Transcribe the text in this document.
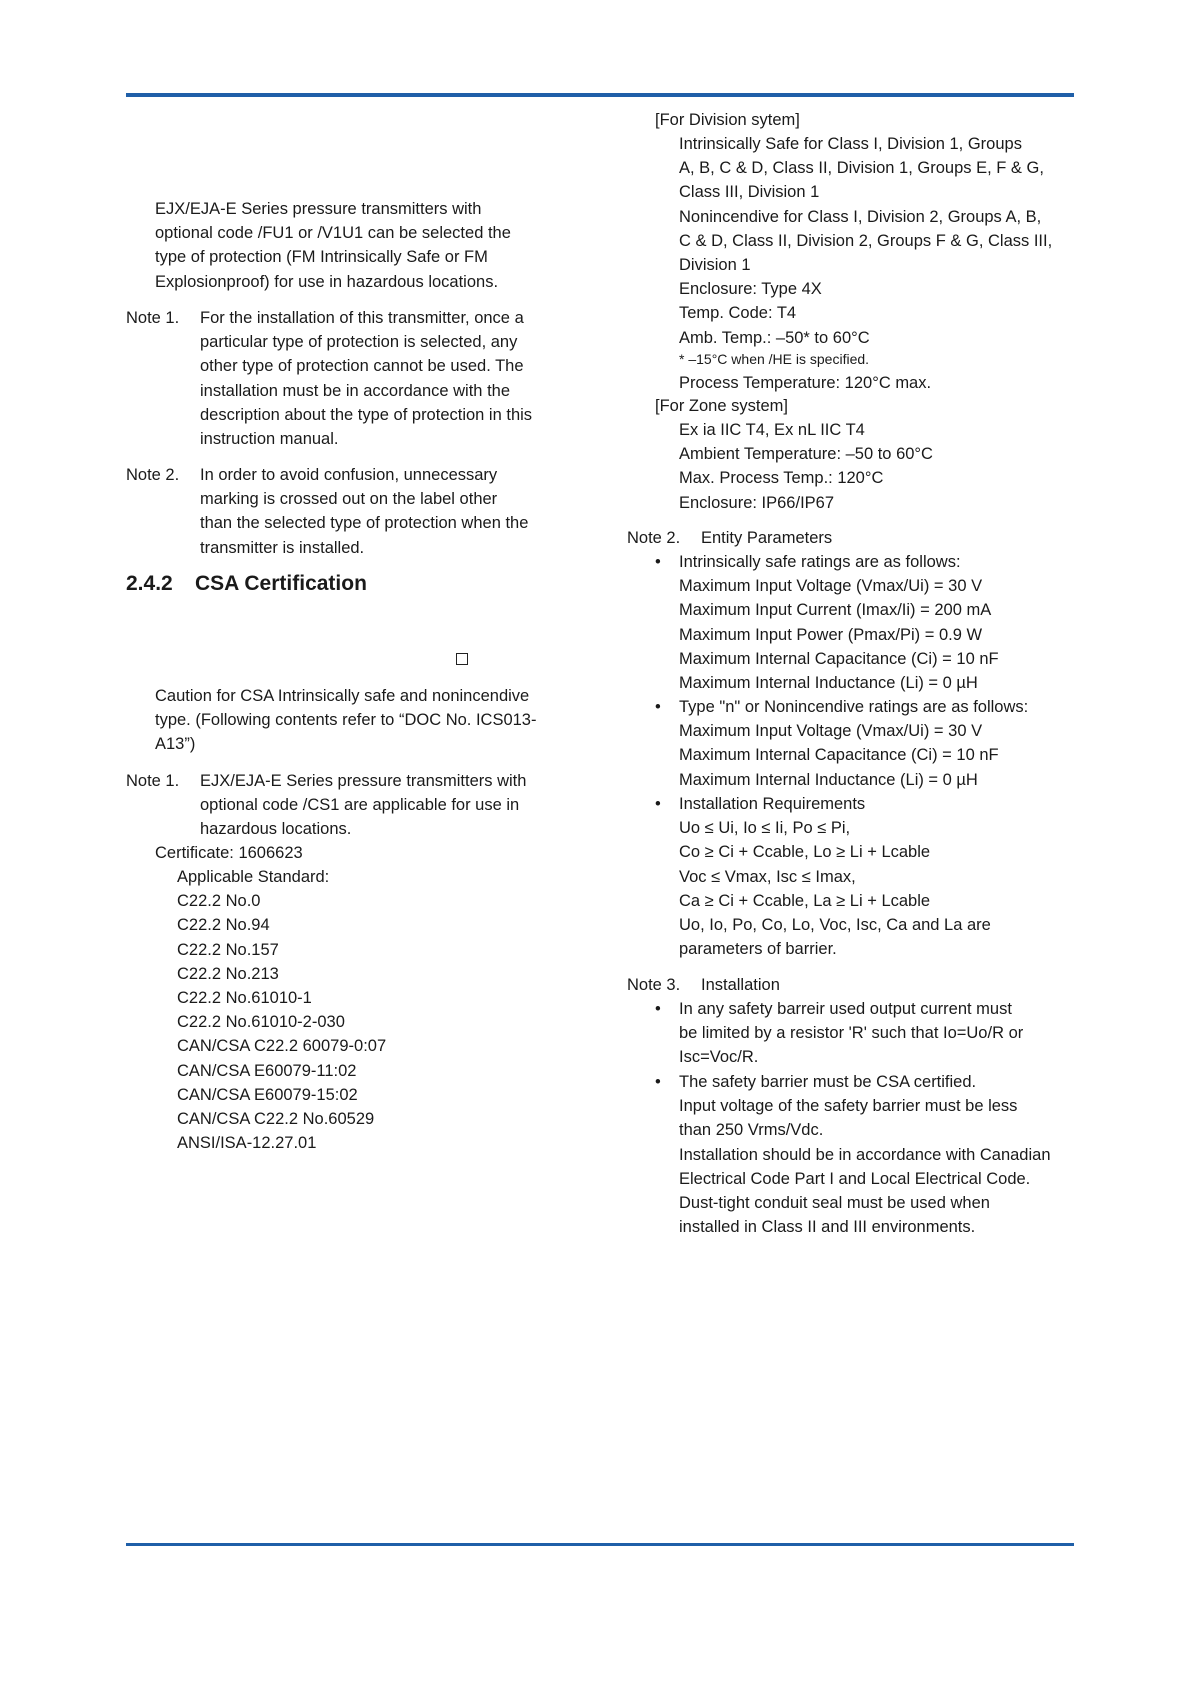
EJX/EJA-E Series pressure transmitters with
optional code /FU1 or /V1U1 can be selected the
type of protection (FM Intrinsically Safe or FM
Explosionproof) for use in hazardous locations.
Note 1. For the installation of this transmitter, once a
particular type of protection is selected, any
other type of protection cannot be used. The
installation must be in accordance with the
description about the type of protection in this
instruction manual.
Note 2. In order to avoid confusion, unnecessary
marking is crossed out on the label other
than the selected type of protection when the
transmitter is installed.
2.4.2 CSA Certification
Caution for CSA Intrinsically safe and nonincendive
type. (Following contents refer to “DOC No. ICS013-
A13”)
Note 1. EJX/EJA-E Series pressure transmitters with
optional code /CS1 are applicable for use in
hazardous locations.
Certificate: 1606623
Applicable Standard:
C22.2 No.0
C22.2 No.94
C22.2 No.157
C22.2 No.213
C22.2 No.61010-1
C22.2 No.61010-2-030
CAN/CSA C22.2 60079-0:07
CAN/CSA E60079-11:02
CAN/CSA E60079-15:02
CAN/CSA C22.2 No.60529
ANSI/ISA-12.27.01
[For Division sytem]
Intrinsically Safe for Class I, Division 1, Groups
A, B, C & D, Class II, Division 1, Groups E, F & G,
Class III, Division 1
Nonincendive for Class I, Division 2, Groups A, B,
C & D, Class II, Division 2, Groups F & G, Class III,
Division 1
Enclosure: Type 4X
Temp. Code: T4
Amb. Temp.: –50* to 60°C
* –15°C when /HE is specified.
Process Temperature: 120°C max.
[For Zone system]
Ex ia IIC T4, Ex nL IIC T4
Ambient Temperature: –50 to 60°C
Max. Process Temp.: 120°C
Enclosure: IP66/IP67
Note 2. Entity Parameters
• Intrinsically safe ratings are as follows:
Maximum Input Voltage (Vmax/Ui) = 30 V
Maximum Input Current (Imax/Ii) = 200 mA
Maximum Input Power (Pmax/Pi) = 0.9 W
Maximum Internal Capacitance (Ci) = 10 nF
Maximum Internal Inductance (Li) = 0 µH
• Type "n" or Nonincendive ratings are as follows:
Maximum Input Voltage (Vmax/Ui) = 30 V
Maximum Internal Capacitance (Ci) = 10 nF
Maximum Internal Inductance (Li) = 0 µH
• Installation Requirements
Uo ≤ Ui, Io ≤ Ii, Po ≤ Pi,
Co ≥ Ci + Ccable, Lo ≥ Li + Lcable
Voc ≤ Vmax, Isc ≤ Imax,
Ca ≥ Ci + Ccable, La ≥ Li + Lcable
Uo, Io, Po, Co, Lo, Voc, Isc, Ca and La are
parameters of barrier.
Note 3. Installation
• In any safety barreir used output current must
be limited by a resistor 'R' such that Io=Uo/R or
Isc=Voc/R.
• The safety barrier must be CSA certified.
Input voltage of the safety barrier must be less
than 250 Vrms/Vdc.
Installation should be in accordance with Canadian
Electrical Code Part I and Local Electrical Code.
Dust-tight conduit seal must be used when
installed in Class II and III environments.
